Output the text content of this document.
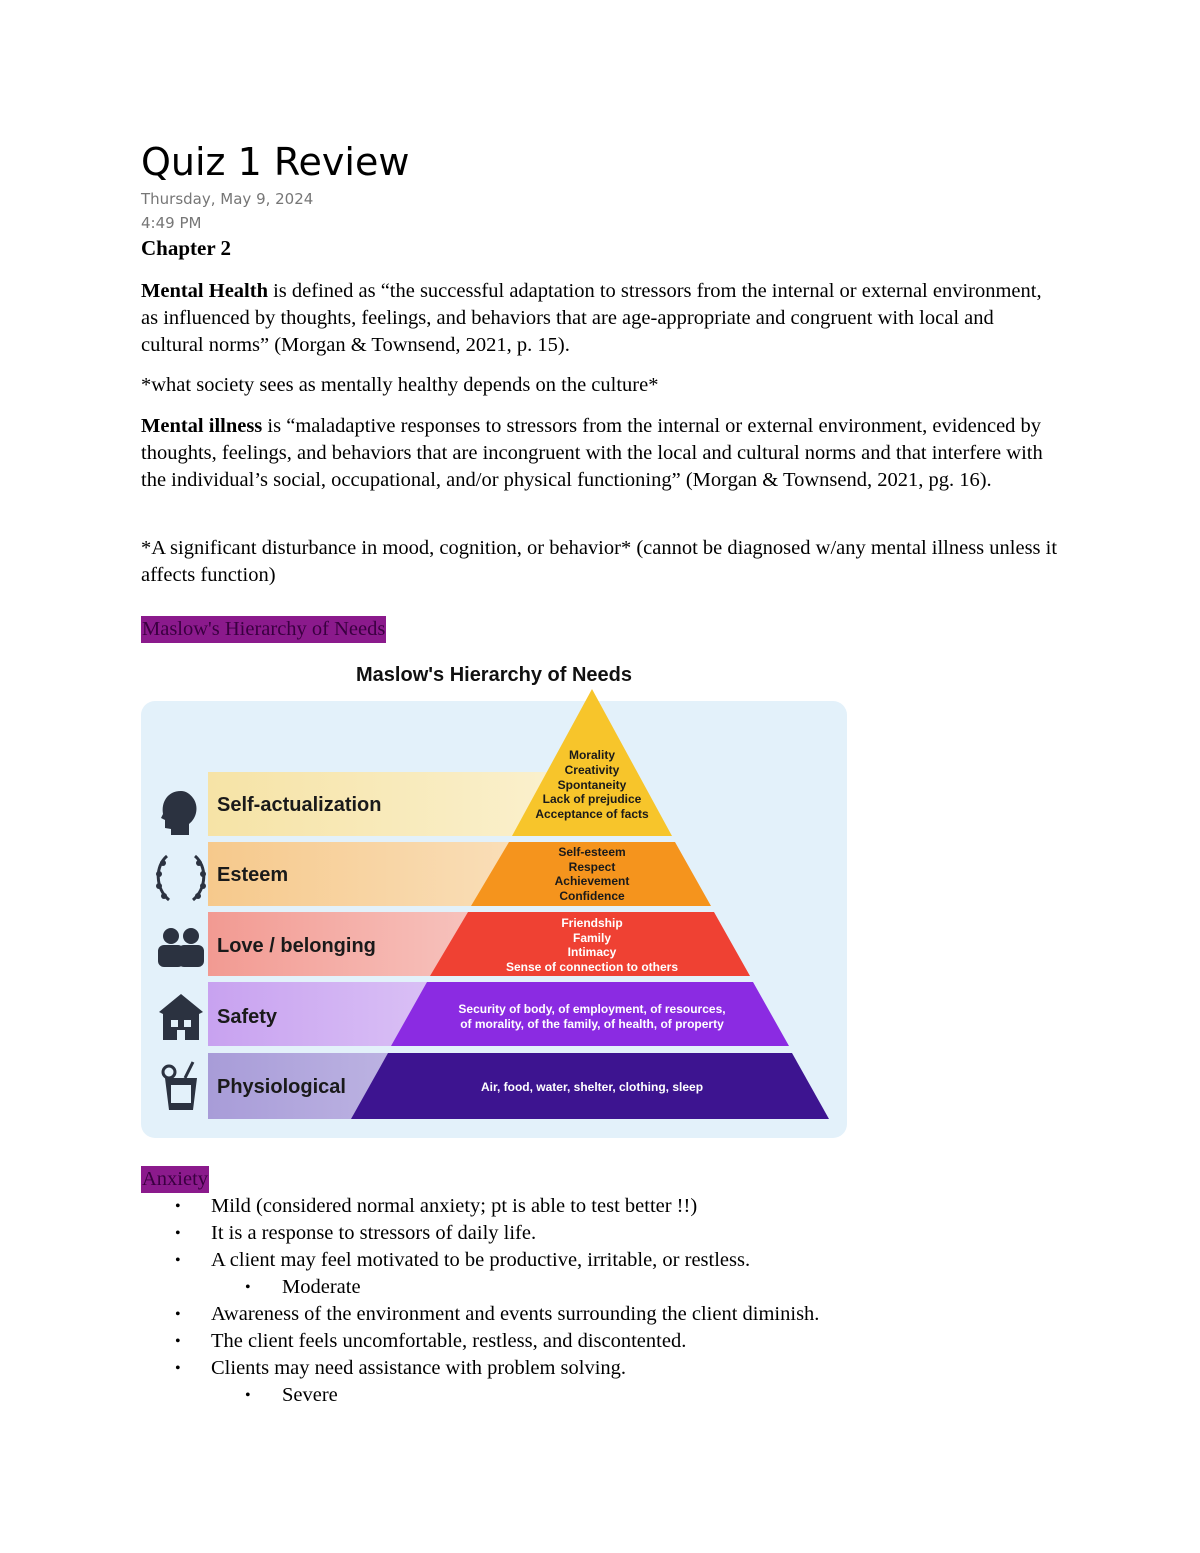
Quiz 1 Review
Thursday, May 9, 2024
4:49 PM
Chapter 2
Mental Health is defined as “the successful adaptation to stressors from the internal or external environment, as influenced by thoughts, feelings, and behaviors that are age-appropriate and congruent with local and cultural norms” (Morgan & Townsend, 2021, p. 15).
*what society sees as mentally healthy depends on the culture*
Mental illness is “maladaptive responses to stressors from the internal or external environment, evidenced by thoughts, feelings, and behaviors that are incongruent with the local and cultural norms and that interfere with the individual’s social, occupational, and/or physical functioning” (Morgan & Townsend, 2021, pg. 16).
*A significant disturbance in mood, cognition, or behavior* (cannot be diagnosed w/any mental illness unless it affects function)
Maslow's Hierarchy of Needs
Maslow's Hierarchy of Needs
Self-actualization
Esteem
Love / belonging
Safety
Physiological
Morality
Creativity
Spontaneity
Lack of prejudice
Acceptance of facts
Self-esteem
Respect
Achievement
Confidence
Friendship
Family
Intimacy
Sense of connection to others
Security of body, of employment, of resources,
of morality, of the family, of health, of property
Air, food, water, shelter, clothing, sleep
Anxiety
• Mild (considered normal anxiety; pt is able to test better !!)
• It is a response to stressors of daily life.
• A client may feel motivated to be productive, irritable, or restless.
• Moderate
• Awareness of the environment and events surrounding the client diminish.
• The client feels uncomfortable, restless, and discontented.
• Clients may need assistance with problem solving.
• Severe
